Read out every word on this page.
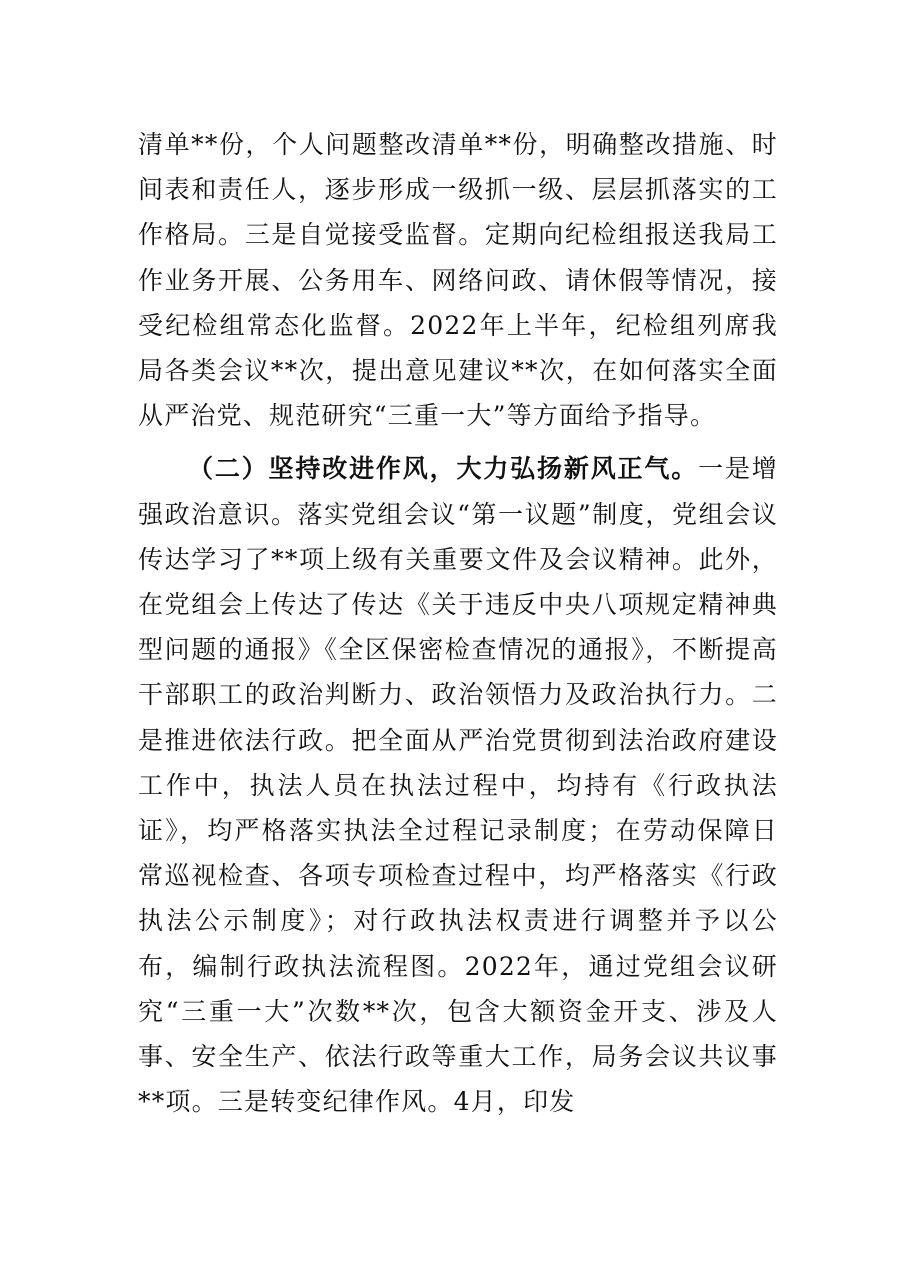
清单**份，个人问题整改清单**份，明确整改措施、时间表和责任人，逐步形成一级抓一级、层层抓落实的工作格局。三是自觉接受监督。定期向纪检组报送我局工作业务开展、公务用车、网络问政、请休假等情况，接受纪检组常态化监督。2022年上半年，纪检组列席我局各类会议**次，提出意见建议**次，在如何落实全面从严治党、规范研究“三重一大”等方面给予指导。

（二）坚持改进作风，大力弘扬新风正气。一是增强政治意识。落实党组会议“第一议题”制度，党组会议传达学习了**项上级有关重要文件及会议精神。此外，在党组会上传达了传达《关于违反中央八项规定精神典型问题的通报》《全区保密检查情况的通报》，不断提高干部职工的政治判断力、政治领悟力及政治执行力。二是推进依法行政。把全面从严治党贯彻到法治政府建设工作中，执法人员在执法过程中，均持有《行政执法证》，均严格落实执法全过程记录制度；在劳动保障日常巡视检查、各项专项检查过程中，均严格落实《行政执法公示制度》；对行政执法权责进行调整并予以公布，编制行政执法流程图。2022年，通过党组会议研究“三重一大”次数**次，包含大额资金开支、涉及人事、安全生产、依法行政等重大工作，局务会议共议事**项。三是转变纪律作风。4月，印发
